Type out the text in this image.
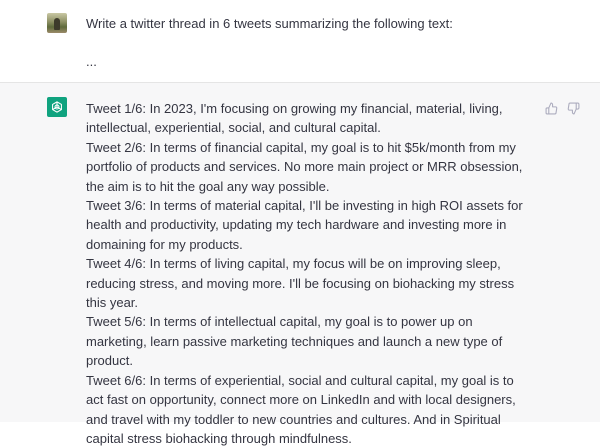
Write a twitter thread in 6 tweets summarizing the following text:

...

Tweet 1/6: In 2023, I'm focusing on growing my financial, material, living, intellectual, experiential, social, and cultural capital.

Tweet 2/6: In terms of financial capital, my goal is to hit $5k/month from my portfolio of products and services. No more main project or MRR obsession, the aim is to hit the goal any way possible.

Tweet 3/6: In terms of material capital, I'll be investing in high ROI assets for health and productivity, updating my tech hardware and investing more in domaining for my products.

Tweet 4/6: In terms of living capital, my focus will be on improving sleep, reducing stress, and moving more. I'll be focusing on biohacking my stress this year.

Tweet 5/6: In terms of intellectual capital, my goal is to power up on marketing, learn passive marketing techniques and launch a new type of product.

Tweet 6/6: In terms of experiential, social and cultural capital, my goal is to act fast on opportunity, connect more on LinkedIn and with local designers, and travel with my toddler to new countries and cultures. And in Spiritual capital stress biohacking through mindfulness.
